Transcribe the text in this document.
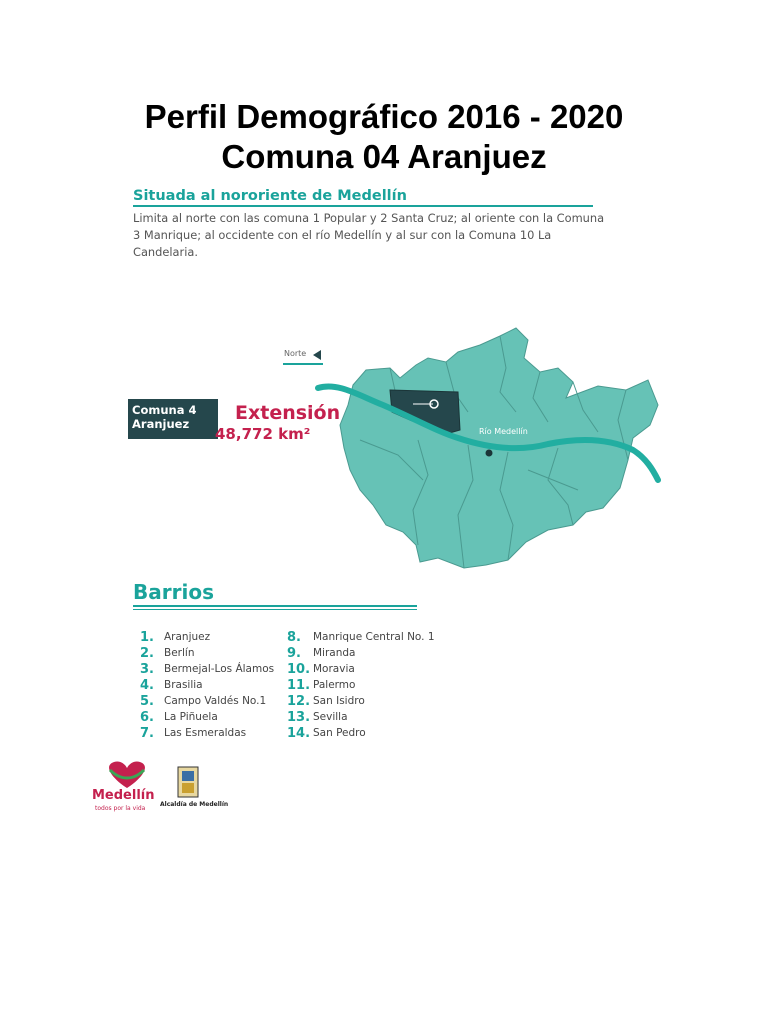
Perfil Demográfico 2016 - 2020
Comuna 04 Aranjuez
Situada al nororiente de Medellín
Limita al norte con las comuna 1 Popular y 2 Santa Cruz; al oriente con la Comuna 3 Manrique; al occidente con el río Medellín y al sur con la Comuna 10 La Candelaria.
Norte
Río Medellín
Comuna 4
Aranjuez	Extensión
48,772 km²
Barrios
1. Aranjuez
2. Berlín
3. Bermejal-Los Álamos
4. Brasilia
5. Campo Valdés No.1
6. La Piñuela
7. Las Esmeraldas
8.	Manrique Central No. 1
9.	Miranda
10. Moravia
11. Palermo
12. San Isidro
13. Sevilla
14. San Pedro
Medellín
todos por la vida
Alcaldía de Medellín
